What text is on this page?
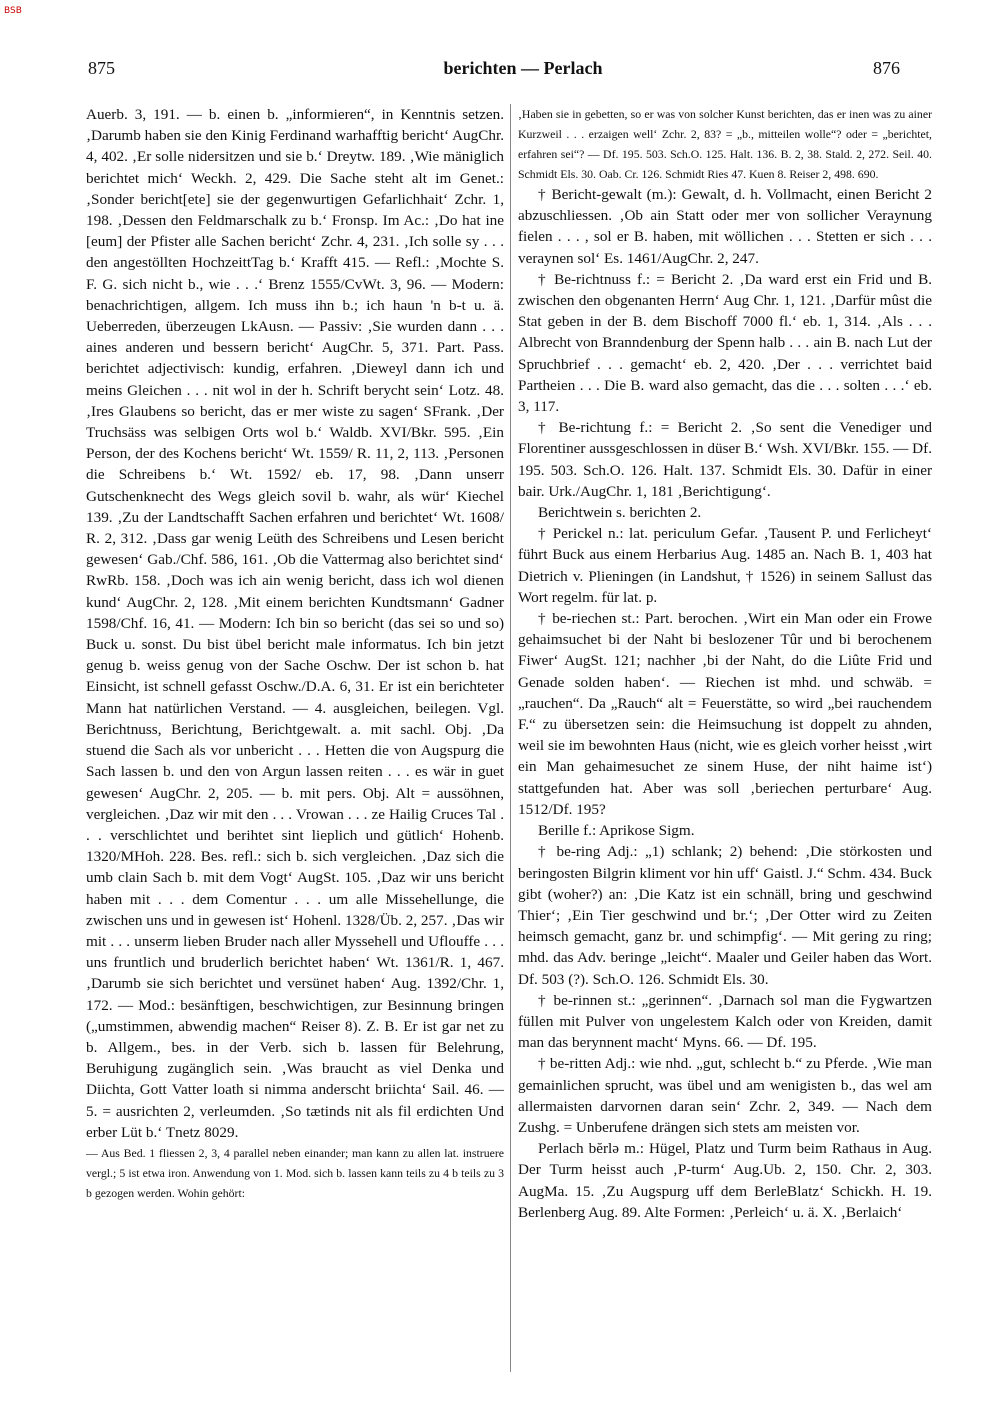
BSB
875	berichten — Perlach	876

Auerb. 3, 191. — b. einen b. „informieren“, in Kenntnis setzen. ‚Darumb haben sie den Kinig Ferdinand warhafftig bericht‘ AugChr. 4, 402. ‚Er solle nidersitzen und sie b.‘ Dreytw. 189. ‚Wie mäniglich berichtet mich‘ Weckh. 2, 429. Die Sache steht alt im Genet.: ‚Sonder bericht[ete] sie der gegenwurtigen Gefarlichhait‘ Zchr. 1, 198. ‚Dessen den Feldmarschalk zu b.‘ Fronsp. Im Ac.: ‚Do hat ine [eum] der Pfister alle Sachen bericht‘ Zchr. 4, 231. ‚Ich solle sy . . . den angestöllten HochzeittTag b.‘ Krafft 415. — Refl.: ‚Mochte S. F. G. sich nicht b., wie . . .‘ Brenz 1555/CvWt. 3, 96. — Modern: benachrichtigen, allgem. Ich muss ihn b.; ich haun 'n b-t u. ä. Ueberreden, überzeugen LkAusn. — Passiv: ‚Sie wurden dann . . . aines anderen und bessern bericht‘ AugChr. 5, 371. Part. Pass. berichtet adjectivisch: kundig, erfahren. ‚Dieweyl dann ich und meins Gleichen . . . nit wol in der h. Schrift berycht sein‘ Lotz. 48. ‚Ires Glaubens so bericht, das er mer wiste zu sagen‘ SFrank. ‚Der Truchsäss was selbigen Orts wol b.‘ Waldb. XVI/Bkr. 595. ‚Ein Person, der des Kochens bericht‘ Wt. 1559/ R. 11, 2, 113. ‚Personen die Schreibens b.‘ Wt. 1592/ eb. 17, 98. ‚Dann unserr Gutschenknecht des Wegs gleich sovil b. wahr, als wür‘ Kiechel 139. ‚Zu der Landtschafft Sachen erfahren und berichtet‘ Wt. 1608/ R. 2, 312. ‚Dass gar wenig Leüth des Schreibens und Lesen bericht gewesen‘ Gab./Chf. 586, 161. ‚Ob die Vattermag also berichtet sind‘ RwRb. 158. ‚Doch was ich ain wenig bericht, dass ich wol dienen kund‘ AugChr. 2, 128. ‚Mit einem berichten Kundtsmann‘ Gadner 1598/Chf. 16, 41. — Modern: Ich bin so bericht (das sei so und so) Buck u. sonst. Du bist übel bericht male informatus. Ich bin jetzt genug b. weiss genug von der Sache Oschw. Der ist schon b. hat Einsicht, ist schnell gefasst Oschw./D.A. 6, 31. Er ist ein berichteter Mann hat natürlichen Verstand. — 4. ausgleichen, beilegen. Vgl. Berichtnuss, Berichtung, Berichtgewalt. a. mit sachl. Obj. ‚Da stuend die Sach als vor unbericht . . . Hetten die von Augspurg die Sach lassen b. und den von Argun lassen reiten . . . es wär in guet gewesen‘ AugChr. 2, 205. — b. mit pers. Obj. Alt = aussöhnen, vergleichen. ‚Daz wir mit den . . . Vrowan . . . ze Hailig Cruces Tal . . . verschlichtet und berihtet sint lieplich und gütlich‘ Hohenb. 1320/MHoh. 228. Bes. refl.: sich b. sich vergleichen. ‚Daz sich die umb clain Sach b. mit dem Vogt‘ AugSt. 105. ‚Daz wir uns bericht haben mit . . . dem Comentur . . . um alle Missehellunge, die zwischen uns und in gewesen ist‘ Hohenl. 1328/Üb. 2, 257. ‚Das wir mit . . . unserm lieben Bruder nach aller Myssehell und Uflouffe . . . uns fruntlich und bruderlich berichtet haben‘ Wt. 1361/R. 1, 467. ‚Darumb sie sich berichtet und versünet haben‘ Aug. 1392/Chr. 1, 172. — Mod.: besänftigen, beschwichtigen, zur Besinnung bringen („umstimmen, abwendig machen“ Reiser 8). Z. B. Er ist gar net zu b. Allgem., bes. in der Verb. sich b. lassen für Belehrung, Beruhigung zugänglich sein. ‚Was braucht as viel Denka und Diichta, Gott Vatter loath si nimma anderscht briichta‘ Sail. 46. — 5. = ausrichten 2, verleumden. ‚So tætinds nit als fil erdichten Und erber Lüt b.‘ Tnetz 8029.

— Aus Bed. 1 fliessen 2, 3, 4 parallel neben einander; man kann zu allen lat. instruere vergl.; 5 ist etwa iron. Anwendung von 1. Mod. sich b. lassen kann teils zu 4 b teils zu 3 b gezogen werden. Wohin gehört:

‚Haben sie in gebetten, so er was von solcher Kunst berichten, das er inen was zu ainer Kurzweil . . . erzaigen well‘ Zchr. 2, 83? = „b., mitteilen wolle“? oder = „berichtet, erfahren sei“? — Df. 195. 503. Sch.O. 125. Halt. 136. B. 2, 38. Stald. 2, 272. Seil. 40. Schmidt Els. 30. Oab. Cr. 126. Schmidt Ries 47. Kuen 8. Reiser 2, 498. 690.

† Bericht-gewalt (m.): Gewalt, d. h. Vollmacht, einen Bericht 2 abzuschliessen. ‚Ob ain Statt oder mer von sollicher Veraynung fielen . . . , sol er B. haben, mit wöllichen . . . Stetten er sich . . . veraynen sol‘ Es. 1461/AugChr. 2, 247.

† Be-richtnuss f.: = Bericht 2. ‚Da ward erst ein Frid und B. zwischen den obgenanten Herrn‘ Aug Chr. 1, 121. ‚Darfür mûst die Stat geben in der B. dem Bischoff 7000 fl.‘ eb. 1, 314. ‚Als . . . Albrecht von Branndenburg der Spenn halb . . . ain B. nach Lut der Spruchbrief . . . gemacht‘ eb. 2, 420. ‚Der . . . verrichtet baid Partheien . . . Die B. ward also gemacht, das die . . . solten . . .‘ eb. 3, 117.

† Be-richtung f.: = Bericht 2. ‚So sent die Venediger und Florentiner aussgeschlossen in düser B.‘ Wsh. XVI/Bkr. 155. — Df. 195. 503. Sch.O. 126. Halt. 137. Schmidt Els. 30. Dafür in einer bair. Urk./AugChr. 1, 181 ‚Berichtigung‘.

Berichtwein s. berichten 2.

† Perickel n.: lat. periculum Gefar. ‚Tausent P. und Ferlicheyt‘ führt Buck aus einem Herbarius Aug. 1485 an. Nach B. 1, 403 hat Dietrich v. Plieningen (in Landshut, † 1526) in seinem Sallust das Wort regelm. für lat. p.

† be-riechen st.: Part. berochen. ‚Wirt ein Man oder ein Frowe gehaimsuchet bi der Naht bi beslozener Tûr und bi berochenem Fiwer‘ AugSt. 121; nachher ‚bi der Naht, do die Liûte Frid und Genade solden haben‘. — Riechen ist mhd. und schwäb. = „rauchen“. Da „Rauch“ alt = Feuerstätte, so wird „bei rauchendem F.“ zu übersetzen sein: die Heimsuchung ist doppelt zu ahnden, weil sie im bewohnten Haus (nicht, wie es gleich vorher heisst ‚wirt ein Man gehaimesuchet ze sinem Huse, der niht haime ist‘) stattgefunden hat. Aber was soll ‚beriechen perturbare‘ Aug. 1512/Df. 195?

Berille f.: Aprikose Sigm.

† be-ring Adj.: „1) schlank; 2) behend: ‚Die störkosten und beringosten Bilgrin kliment vor hin uff‘ Gaistl. J.“ Schm. 434. Buck gibt (woher?) an: ‚Die Katz ist ein schnäll, bring und geschwind Thier‘; ‚Ein Tier geschwind und br.‘; ‚Der Otter wird zu Zeiten heimsch gemacht, ganz br. und schimpfig‘. — Mit gering zu ring; mhd. das Adv. beringe „leicht“. Maaler und Geiler haben das Wort. Df. 503 (?). Sch.O. 126. Schmidt Els. 30.

† be-rinnen st.: „gerinnen“. ‚Darnach sol man die Fygwartzen füllen mit Pulver von ungelestem Kalch oder von Kreiden, damit man das berynnent macht‘ Myns. 66. — Df. 195.

† be-ritten Adj.: wie nhd. „gut, schlecht b.“ zu Pferde. ‚Wie man gemainlichen sprucht, was übel und am wenigisten b., das wel am allermaisten darvornen daran sein‘ Zchr. 2, 349. — Nach dem Zushg. = Unberufene drängen sich stets am meisten vor.

Perlach bĕrlə m.: Hügel, Platz und Turm beim Rathaus in Aug. Der Turm heisst auch ‚P-turm‘ Aug.Ub. 2, 150. Chr. 2, 303. AugMa. 15. ‚Zu Augspurg uff dem BerleBlatz‘ Schickh. H. 19. Berlenberg Aug. 89. Alte Formen: ‚Perleich‘ u. ä. X. ‚Berlaich‘
